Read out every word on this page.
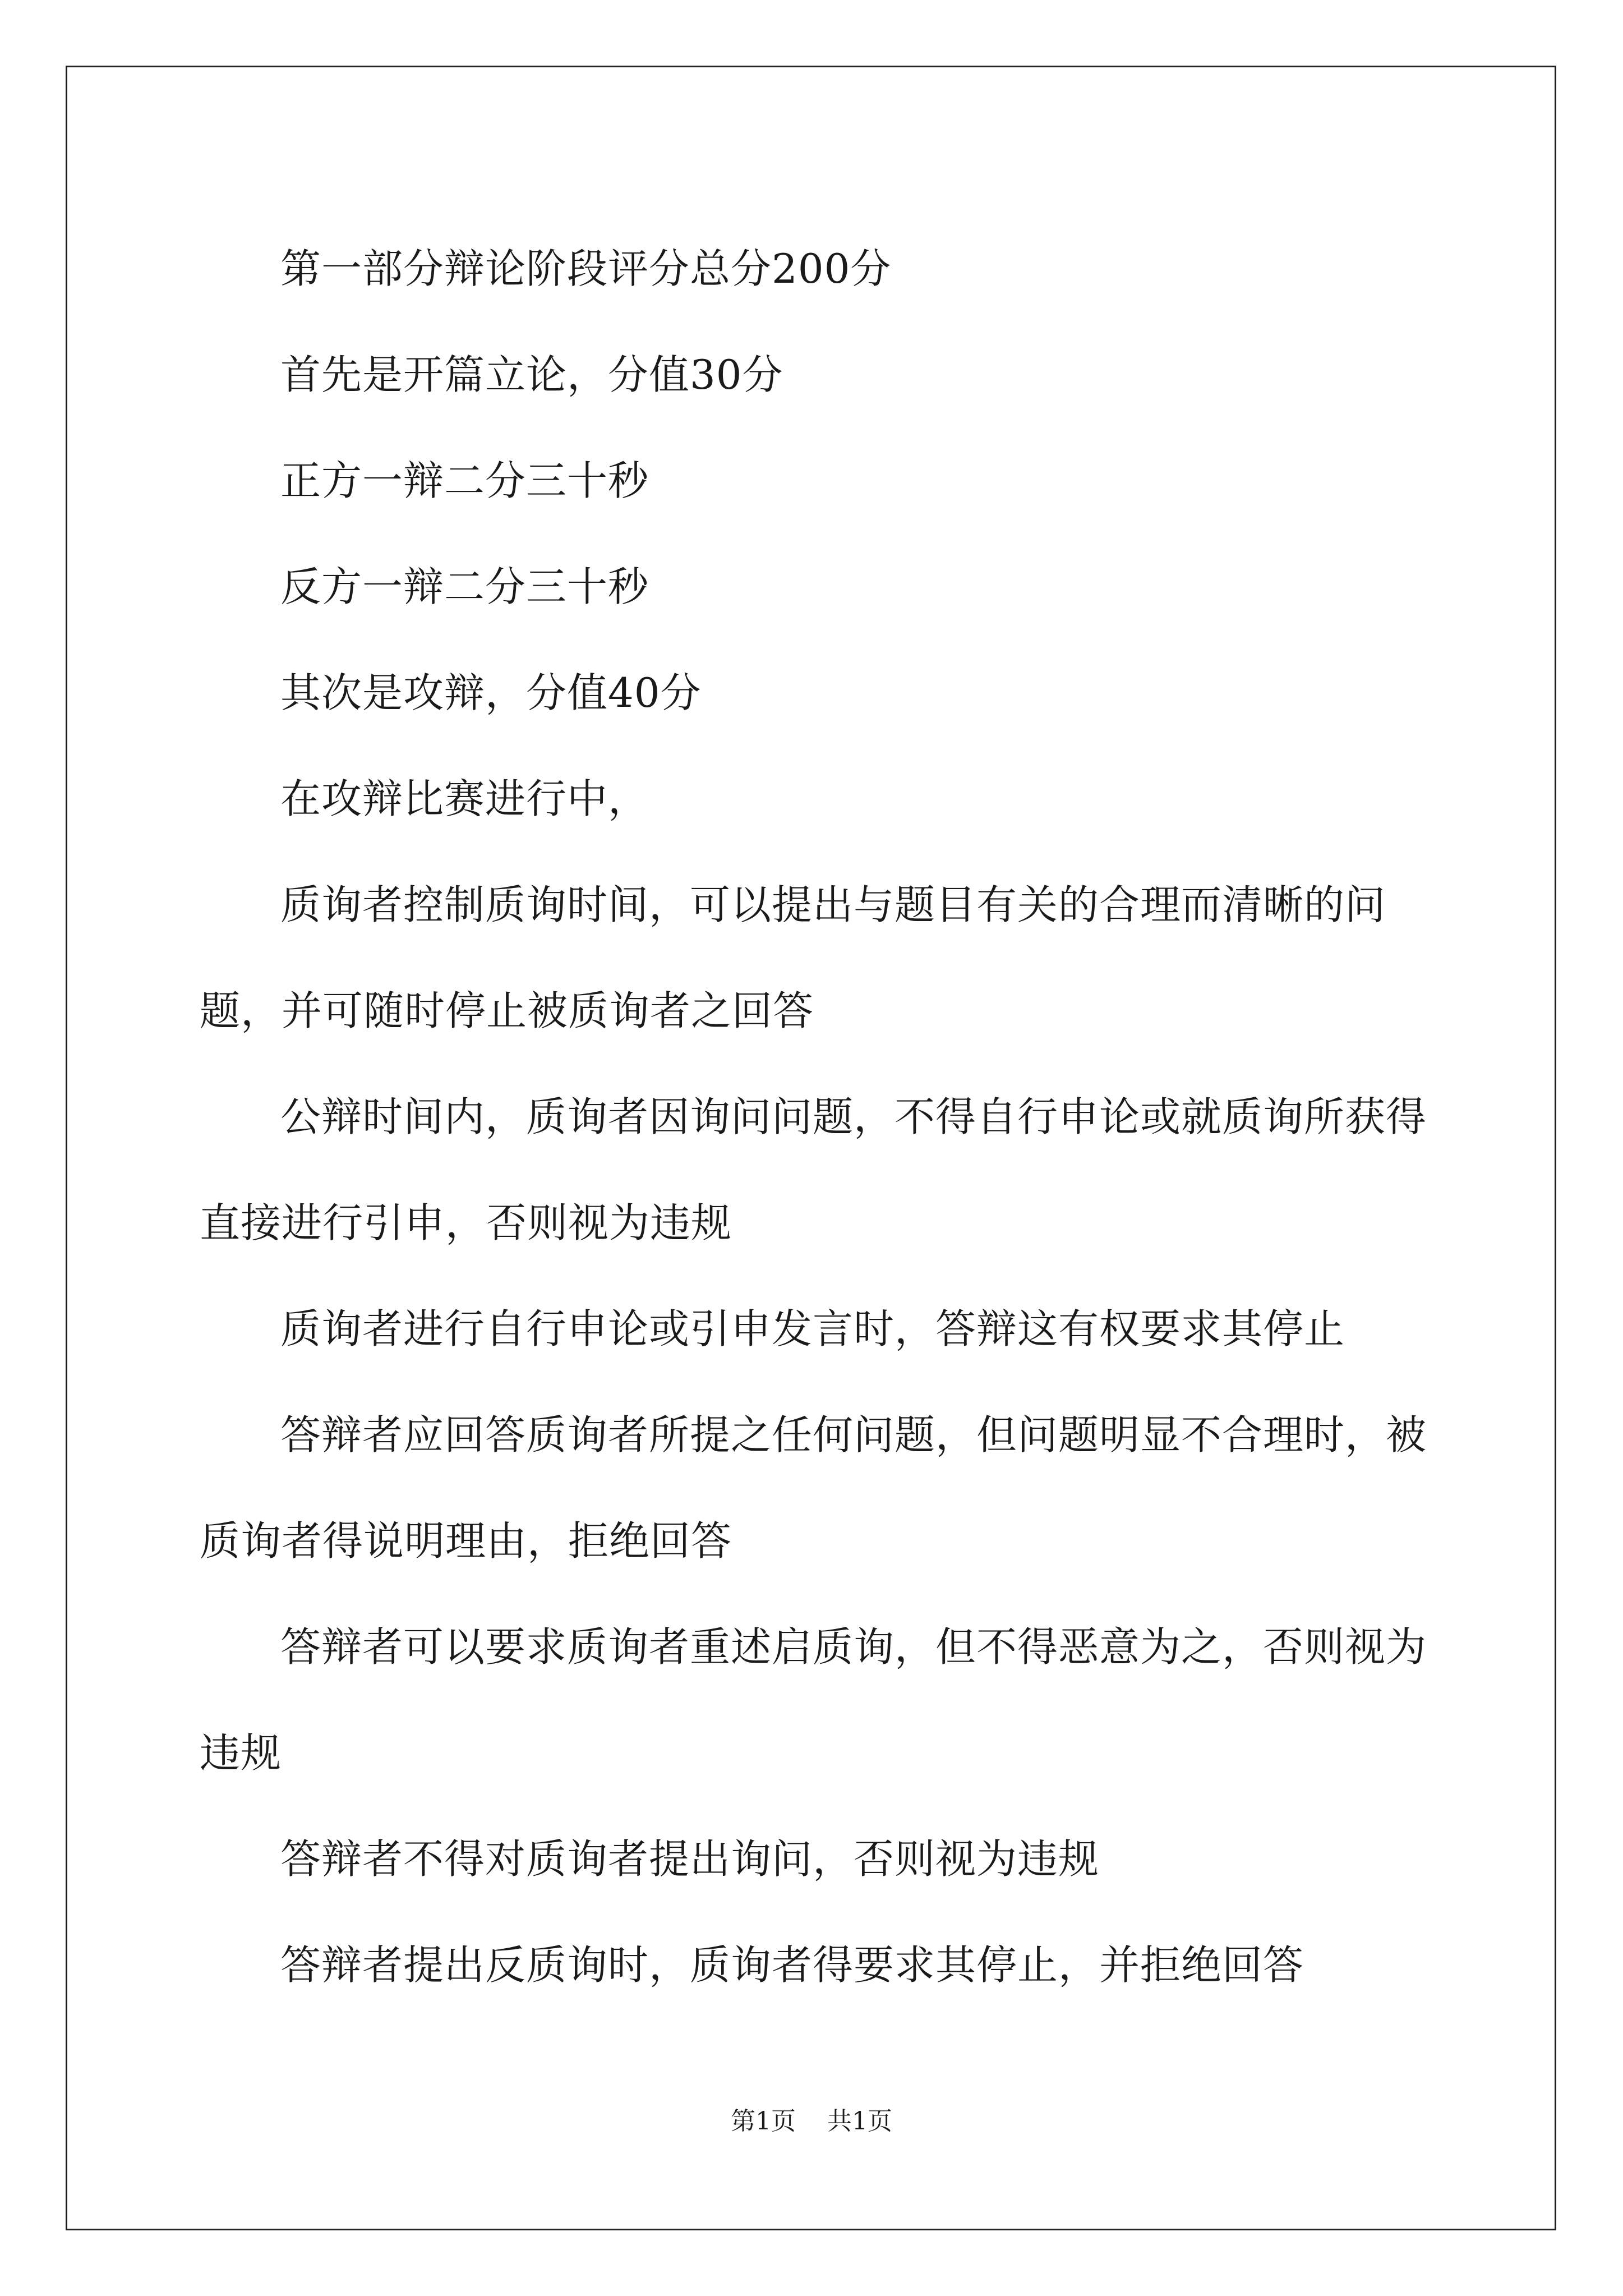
第一部分辩论阶段评分总分200分

首先是开篇立论，分值30分

正方一辩二分三十秒

反方一辩二分三十秒

其次是攻辩，分值40分

在攻辩比赛进行中，

质询者控制质询时间，可以提出与题目有关的合理而清晰的问题，并可随时停止被质询者之回答

公辩时间内，质询者因询问问题，不得自行申论或就质询所获得直接进行引申，否则视为违规

质询者进行自行申论或引申发言时，答辩这有权要求其停止

答辩者应回答质询者所提之任何问题，但问题明显不合理时，被质询者得说明理由，拒绝回答

答辩者可以要求质询者重述启质询，但不得恶意为之，否则视为违规

答辩者不得对质询者提出询问，否则视为违规

答辩者提出反质询时，质询者得要求其停止，并拒绝回答

第1页 共1页
